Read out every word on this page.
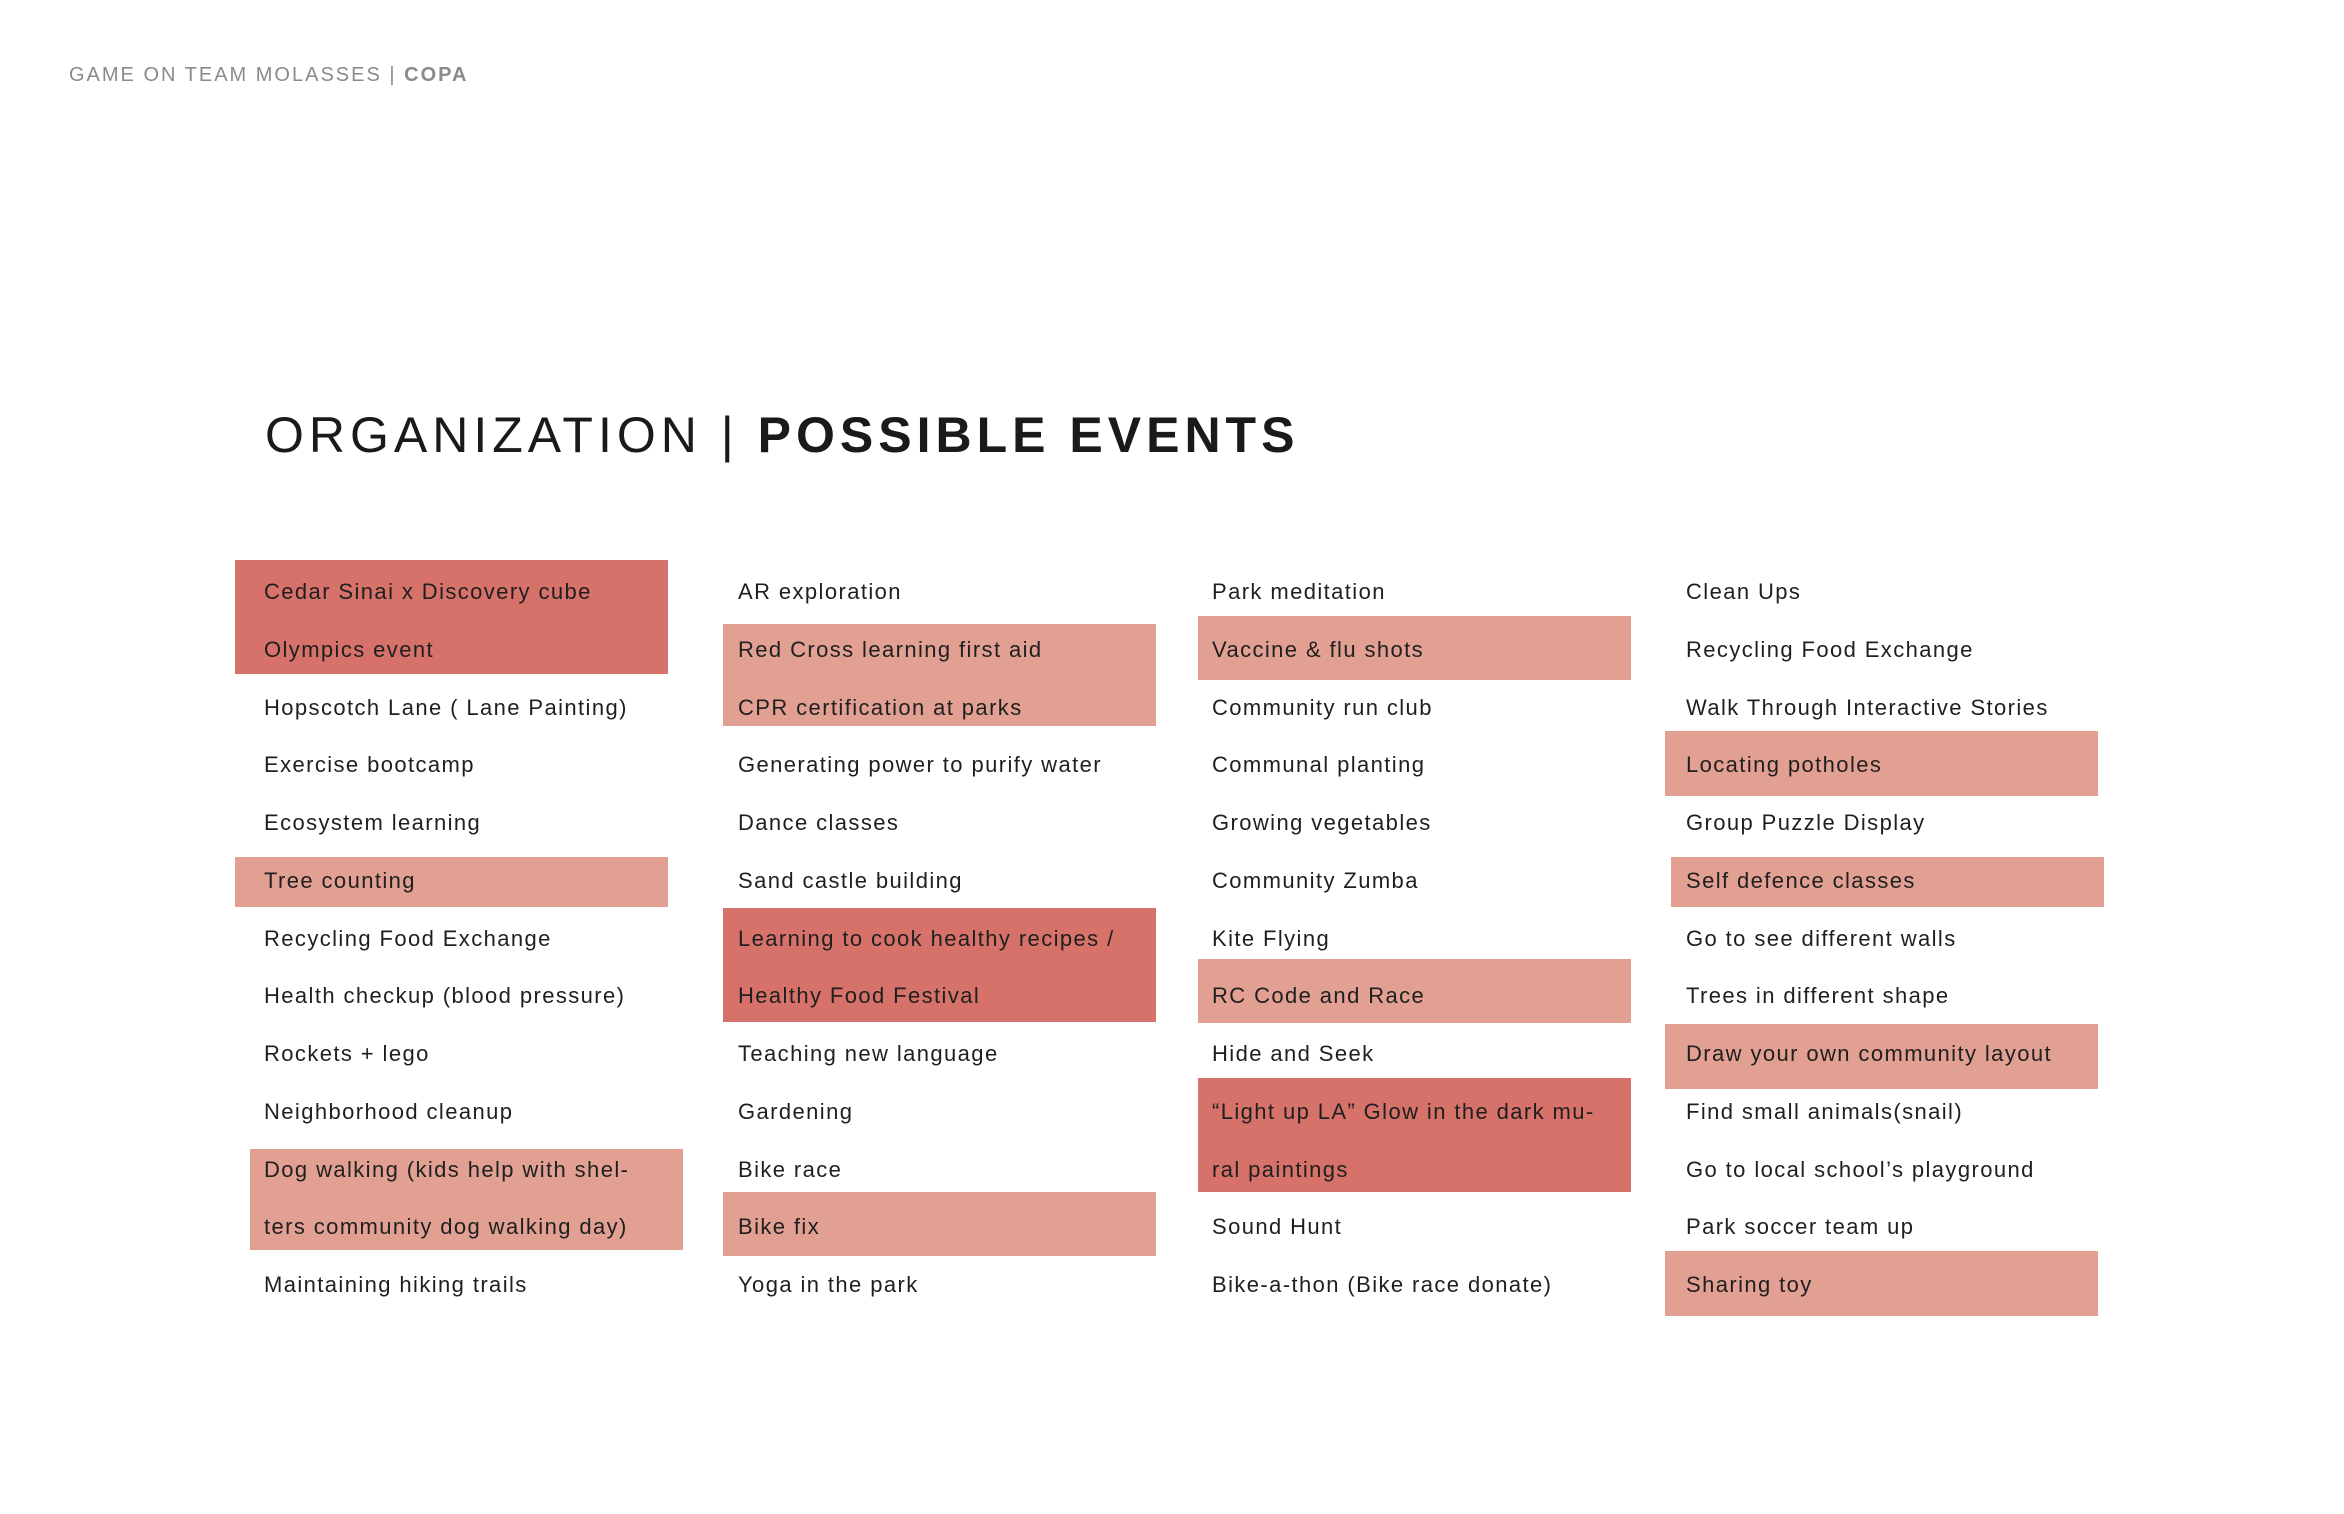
GAME ON TEAM MOLASSES | COPA
ORGANIZATION | POSSIBLE EVENTS
Cedar Sinai x Discovery cube
Olympics event
Hopscotch Lane ( Lane Painting)
Exercise bootcamp
Ecosystem learning
Tree counting
Recycling Food Exchange
Health checkup (blood pressure)
Rockets + lego
Neighborhood cleanup
Dog walking (kids help with shel-
ters community dog walking day)
Maintaining hiking trails
AR exploration
Red Cross learning first aid
CPR certification at parks
Generating power to purify water
Dance classes
Sand castle building
Learning to cook healthy recipes /
Healthy Food Festival
Teaching new language
Gardening
Bike race
Bike fix
Yoga in the park
Park meditation
Vaccine & flu shots
Community run club
Communal planting
Growing vegetables
Community Zumba
Kite Flying
RC Code and Race
Hide and Seek
“Light up LA” Glow in the dark mu-
ral paintings
Sound Hunt
Bike-a-thon (Bike race donate)
Clean Ups
Recycling Food Exchange
Walk Through Interactive Stories
Locating potholes
Group Puzzle Display
Self defence classes
Go to see different walls
Trees in different shape
Draw your own community layout
Find small animals(snail)
Go to local school’s playground
Park soccer team up
Sharing toy
